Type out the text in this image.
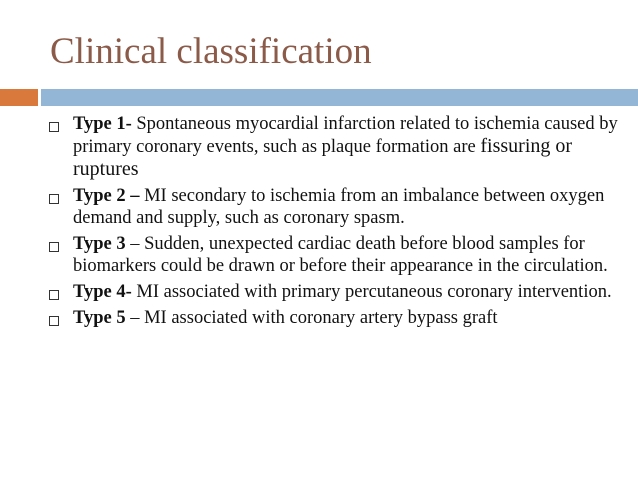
Clinical classification
Type 1- Spontaneous myocardial infarction related to ischemia caused by primary coronary events, such as plaque formation are fissuring or ruptures
Type 2 – MI secondary to ischemia from an imbalance between oxygen demand and supply, such as coronary spasm.
Type 3 – Sudden, unexpected cardiac death before blood samples for biomarkers could be drawn or before their appearance in the circulation.
Type 4- MI associated with primary percutaneous coronary intervention.
Type 5 – MI associated with coronary artery bypass graft
